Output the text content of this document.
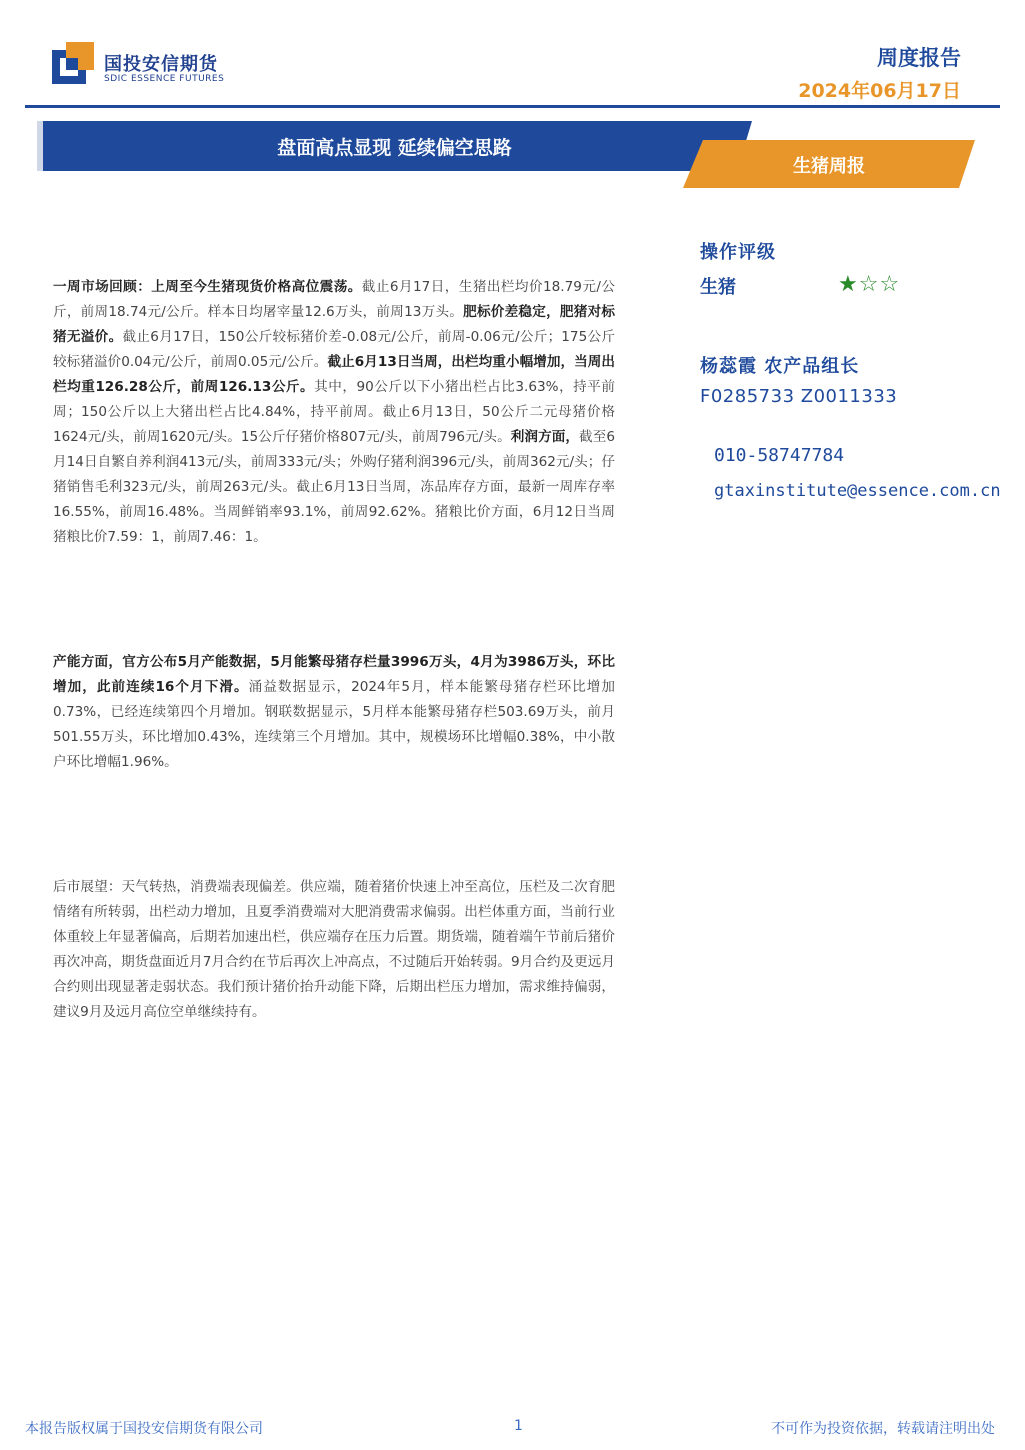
国投安信期货
SDIC ESSENCE FUTURES
周度报告
2024年06月17日
盘面高点显现 延续偏空思路
生猪周报
一周市场回顾：上周至今生猪现货价格高位震荡。截止6月17日，生猪出栏均价18.79元/公斤，前周18.74元/公斤。样本日均屠宰量12.6万头，前周13万头。肥标价差稳定，肥猪对标猪无溢价。截止6月17日，150公斤较标猪价差-0.08元/公斤，前周-0.06元/公斤；175公斤较标猪溢价0.04元/公斤，前周0.05元/公斤。截止6月13日当周，出栏均重小幅增加，当周出栏均重126.28公斤，前周126.13公斤。其中，90公斤以下小猪出栏占比3.63%，持平前周；150公斤以上大猪出栏占比4.84%，持平前周。截止6月13日，50公斤二元母猪价格1624元/头，前周1620元/头。15公斤仔猪价格807元/头，前周796元/头。利润方面，截至6月14日自繁自养利润413元/头，前周333元/头；外购仔猪利润396元/头，前周362元/头；仔猪销售毛利323元/头，前周263元/头。截止6月13日当周，冻品库存方面，最新一周库存率16.55%，前周16.48%。当周鲜销率93.1%，前周92.62%。猪粮比价方面，6月12日当周猪粮比价7.59：1，前周7.46：1。
产能方面，官方公布5月产能数据，5月能繁母猪存栏量3996万头，4月为3986万头，环比增加，此前连续16个月下滑。涌益数据显示，2024年5月，样本能繁母猪存栏环比增加0.73%，已经连续第四个月增加。钢联数据显示，5月样本能繁母猪存栏503.69万头，前月501.55万头，环比增加0.43%，连续第三个月增加。其中，规模场环比增幅0.38%，中小散户环比增幅1.96%。
后市展望：天气转热，消费端表现偏差。供应端，随着猪价快速上冲至高位，压栏及二次育肥情绪有所转弱，出栏动力增加，且夏季消费端对大肥消费需求偏弱。出栏体重方面，当前行业体重较上年显著偏高，后期若加速出栏，供应端存在压力后置。期货端，随着端午节前后猪价再次冲高，期货盘面近月7月合约在节后再次上冲高点，不过随后开始转弱。9月合约及更远月合约则出现显著走弱状态。我们预计猪价抬升动能下降，后期出栏压力增加，需求维持偏弱，建议9月及远月高位空单继续持有。
操作评级
生猪	★☆☆
杨蕊霞 农产品组长
F0285733 Z0011333
010-58747784
gtaxinstitute@essence.com.cn
本报告版权属于国投安信期货有限公司	1	不可作为投资依据，转载请注明出处
